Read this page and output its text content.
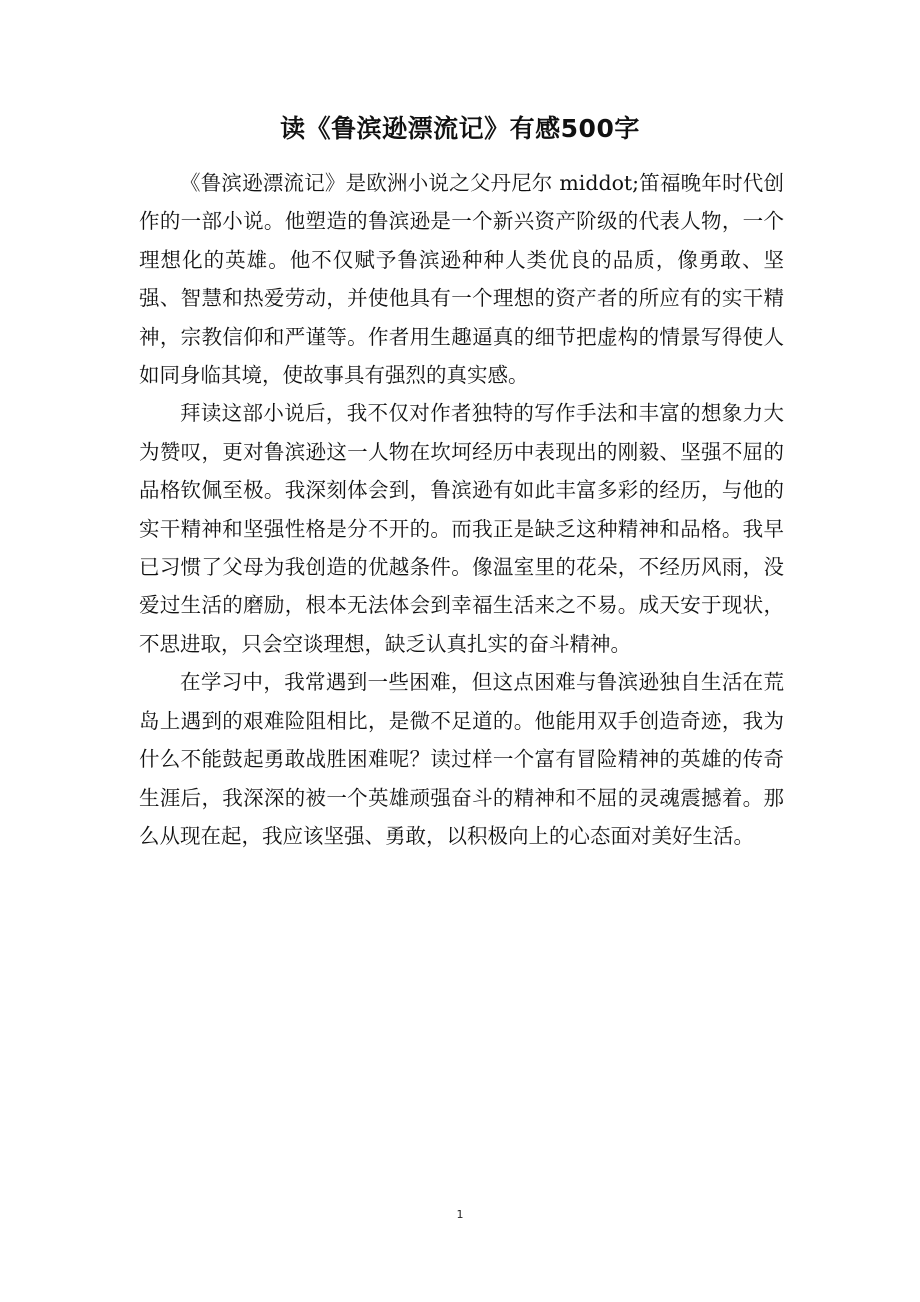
读《鲁滨逊漂流记》有感500字

《鲁滨逊漂流记》是欧洲小说之父丹尼尔 middot;笛福晚年时代创作的一部小说。他塑造的鲁滨逊是一个新兴资产阶级的代表人物，一个理想化的英雄。他不仅赋予鲁滨逊种种人类优良的品质，像勇敢、坚强、智慧和热爱劳动，并使他具有一个理想的资产者的所应有的实干精神，宗教信仰和严谨等。作者用生趣逼真的细节把虚构的情景写得使人如同身临其境，使故事具有强烈的真实感。

拜读这部小说后，我不仅对作者独特的写作手法和丰富的想象力大为赞叹，更对鲁滨逊这一人物在坎坷经历中表现出的刚毅、坚强不屈的品格钦佩至极。我深刻体会到，鲁滨逊有如此丰富多彩的经历，与他的实干精神和坚强性格是分不开的。而我正是缺乏这种精神和品格。我早已习惯了父母为我创造的优越条件。像温室里的花朵，不经历风雨，没爱过生活的磨励，根本无法体会到幸福生活来之不易。成天安于现状，不思进取，只会空谈理想，缺乏认真扎实的奋斗精神。

在学习中，我常遇到一些困难，但这点困难与鲁滨逊独自生活在荒岛上遇到的艰难险阻相比，是微不足道的。他能用双手创造奇迹，我为什么不能鼓起勇敢战胜困难呢？读过样一个富有冒险精神的英雄的传奇生涯后，我深深的被一个英雄顽强奋斗的精神和不屈的灵魂震撼着。那么从现在起，我应该坚强、勇敢，以积极向上的心态面对美好生活。

1
